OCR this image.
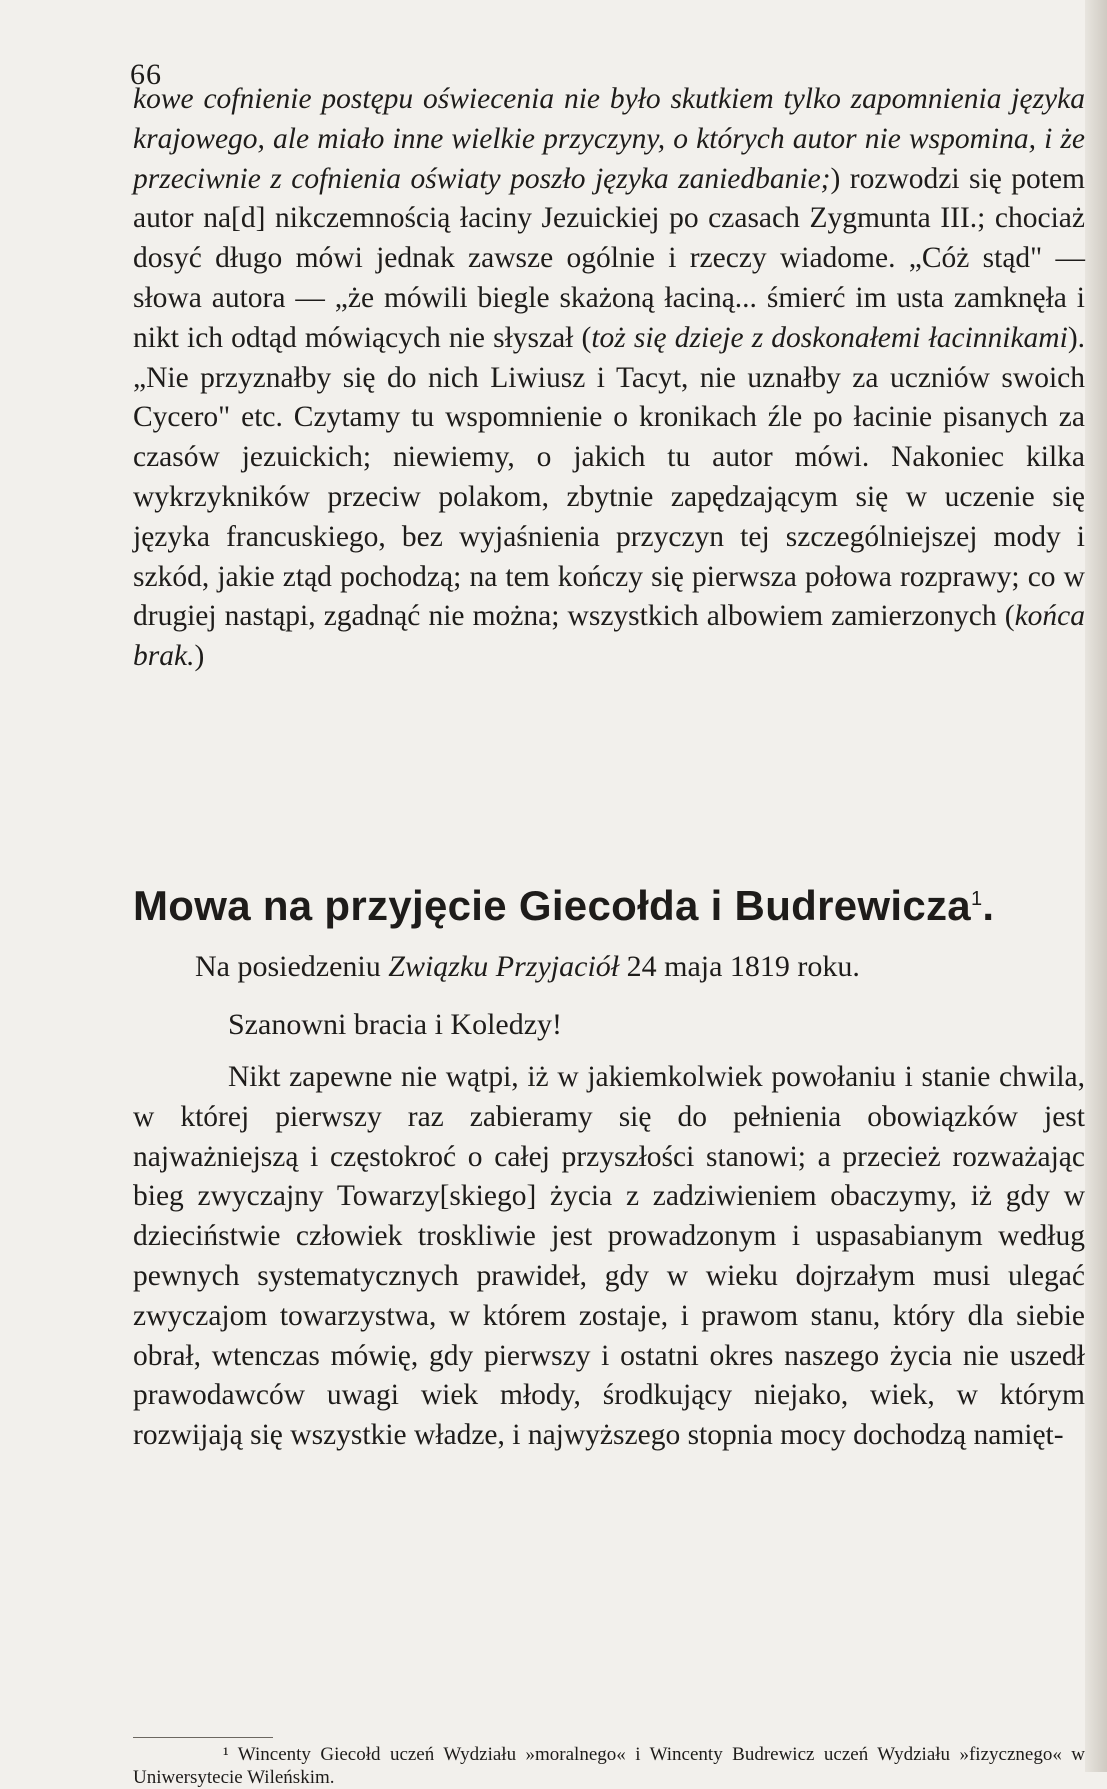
66

kowe cofnienie postępu oświecenia nie było skutkiem tylko zapomnienia języka krajowego, ale miało inne wielkie przyczyny, o których autor nie wspomina, i że przeciwnie z cofnienia oświaty poszło języka zaniedbanie;) rozwodzi się potem autor na[d] nikczemnością łaciny Jezuickiej po czasach Zygmunta III.; chociaż dosyć długo mówi jednak zawsze ogólnie i rzeczy wiadome. „Cóż stąd" — słowa autora — „że mówili biegle skażoną łaciną... śmierć im usta zamknęła i nikt ich odtąd mówiących nie słyszał (toż się dzieje z doskonałemi łacinnikami). „Nie przyznałby się do nich Liwiusz i Tacyt, nie uznałby za uczniów swoich Cycero" etc. Czytamy tu wspomnienie o kronikach źle po łacinie pisanych za czasów jezuickich; niewiemy, o jakich tu autor mówi. Nakoniec kilka wykrzykników przeciw polakom, zbytnie zapędzającym się w uczenie się języka francuskiego, bez wyjaśnienia przyczyn tej szczególniejszej mody i szkód, jakie ztąd pochodzą; na tem kończy się pierwsza połowa rozprawy; co w drugiej nastąpi, zgadnąć nie można; wszystkich albowiem zamierzonych (końca brak.)

Mowa na przyjęcie Giecołda i Budrewicza$^1$.

Na posiedzeniu Związku Przyjaciół 24 maja 1819 roku.

Szanowni bracia i Koledzy!

Nikt zapewne nie wątpi, iż w jakiemkolwiek powołaniu i stanie chwila, w której pierwszy raz zabieramy się do pełnienia obowiązków jest najważniejszą i częstokroć o całej przyszłości stanowi; a przecież rozważając bieg zwyczajny Towarzy[skiego] życia z zadziwieniem obaczymy, iż gdy w dzieciństwie człowiek troskliwie jest prowadzonym i uspasabianym według pewnych systematycznych prawideł, gdy w wieku dojrzałym musi ulegać zwyczajom towarzystwa, w którem zostaje, i prawom stanu, który dla siebie obrał, wtenczas mówię, gdy pierwszy i ostatni okres naszego życia nie uszedł prawodawców uwagi wiek młody, środkujący niejako, wiek, w którym rozwijają się wszystkie władze, i najwyższego stopnia mocy dochodzą namięt-

¹ Wincenty Giecołd uczeń Wydziału »moralnego« i Wincenty Budrewicz uczeń Wydziału »fizycznego« w Uniwersytecie Wileńskim.
